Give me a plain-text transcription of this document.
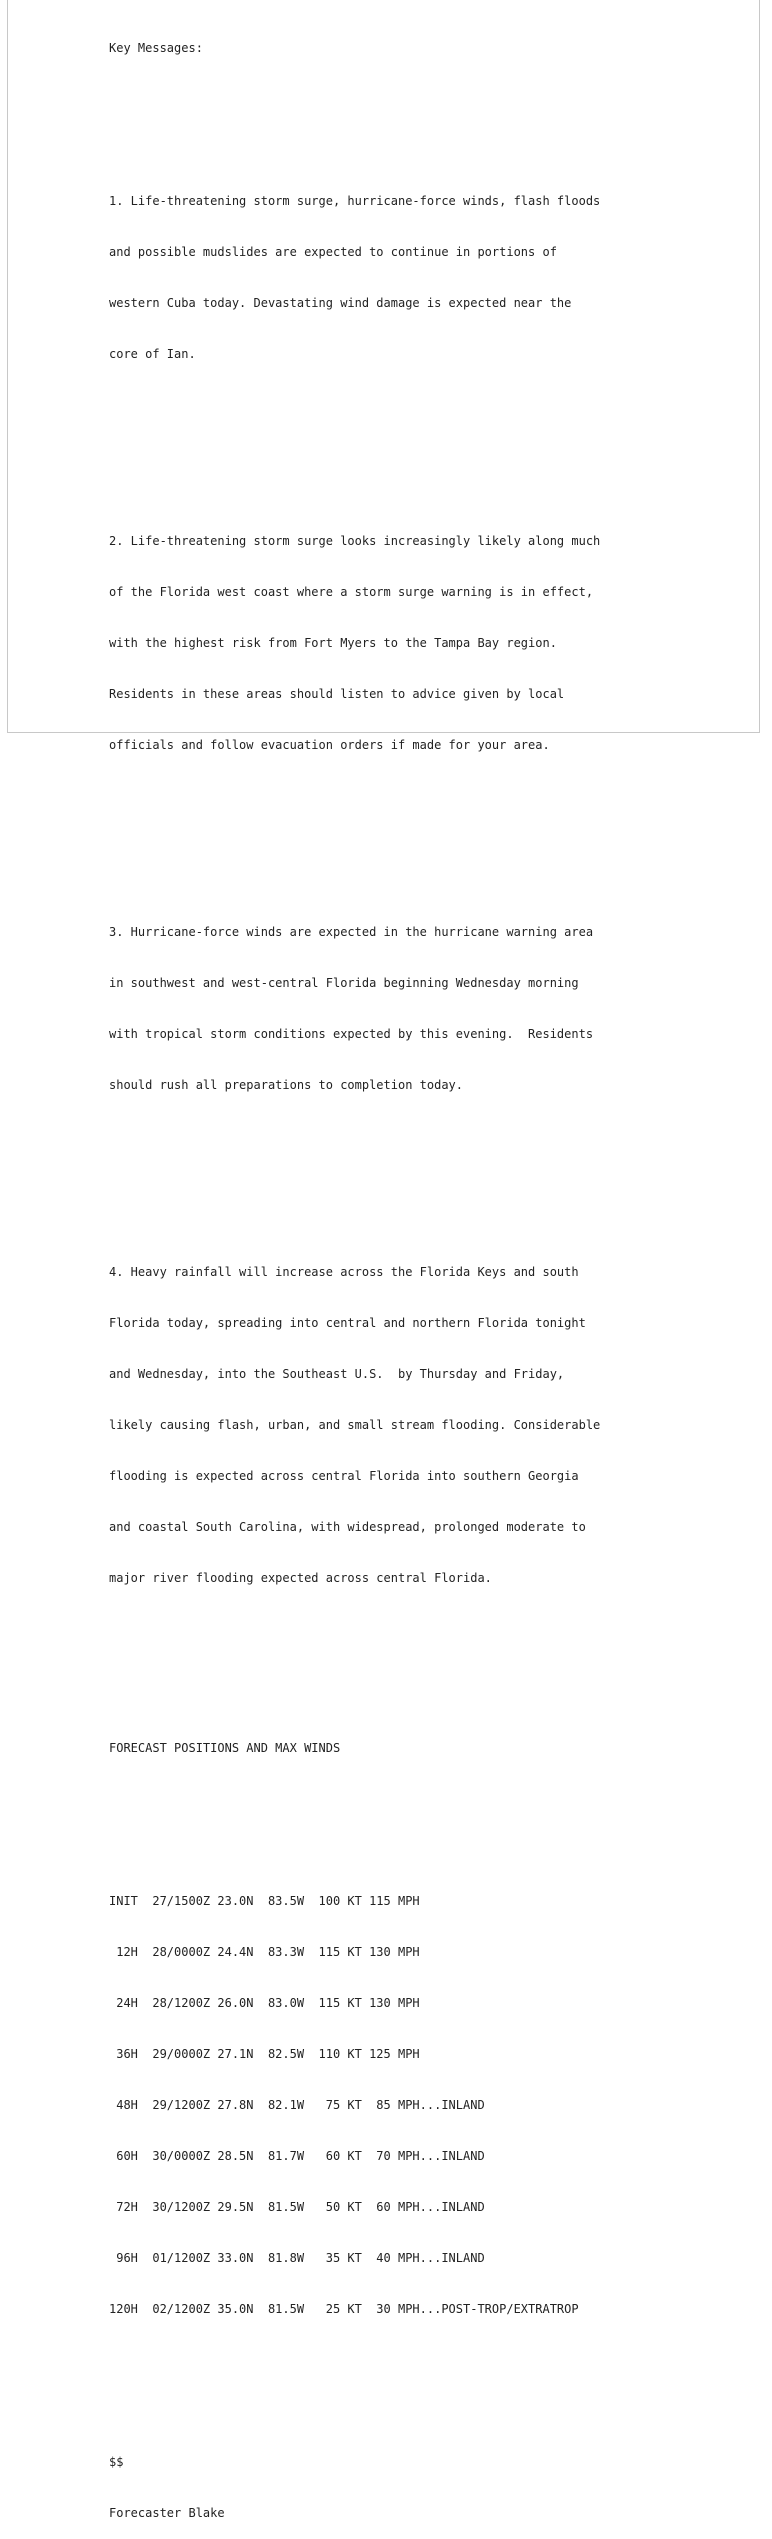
Key Messages:

1. Life-threatening storm surge, hurricane-force winds, flash floods

and possible mudslides are expected to continue in portions of

western Cuba today. Devastating wind damage is expected near the

core of Ian.

2. Life-threatening storm surge looks increasingly likely along much

of the Florida west coast where a storm surge warning is in effect,

with the highest risk from Fort Myers to the Tampa Bay region.

Residents in these areas should listen to advice given by local

officials and follow evacuation orders if made for your area.

3. Hurricane-force winds are expected in the hurricane warning area

in southwest and west-central Florida beginning Wednesday morning

with tropical storm conditions expected by this evening.  Residents

should rush all preparations to completion today.

4. Heavy rainfall will increase across the Florida Keys and south

Florida today, spreading into central and northern Florida tonight

and Wednesday, into the Southeast U.S.  by Thursday and Friday,

likely causing flash, urban, and small stream flooding. Considerable

flooding is expected across central Florida into southern Georgia

and coastal South Carolina, with widespread, prolonged moderate to

major river flooding expected across central Florida.

FORECAST POSITIONS AND MAX WINDS

INIT  27/1500Z 23.0N  83.5W  100 KT 115 MPH

12H  28/0000Z 24.4N  83.3W  115 KT 130 MPH

24H  28/1200Z 26.0N  83.0W  115 KT 130 MPH

36H  29/0000Z 27.1N  82.5W  110 KT 125 MPH

48H  29/1200Z 27.8N  82.1W   75 KT  85 MPH...INLAND

60H  30/0000Z 28.5N  81.7W   60 KT  70 MPH...INLAND

72H  30/1200Z 29.5N  81.5W   50 KT  60 MPH...INLAND

96H  01/1200Z 33.0N  81.8W   35 KT  40 MPH...INLAND

120H  02/1200Z 35.0N  81.5W   25 KT  30 MPH...POST-TROP/EXTRATROP

$$

Forecaster Blake
